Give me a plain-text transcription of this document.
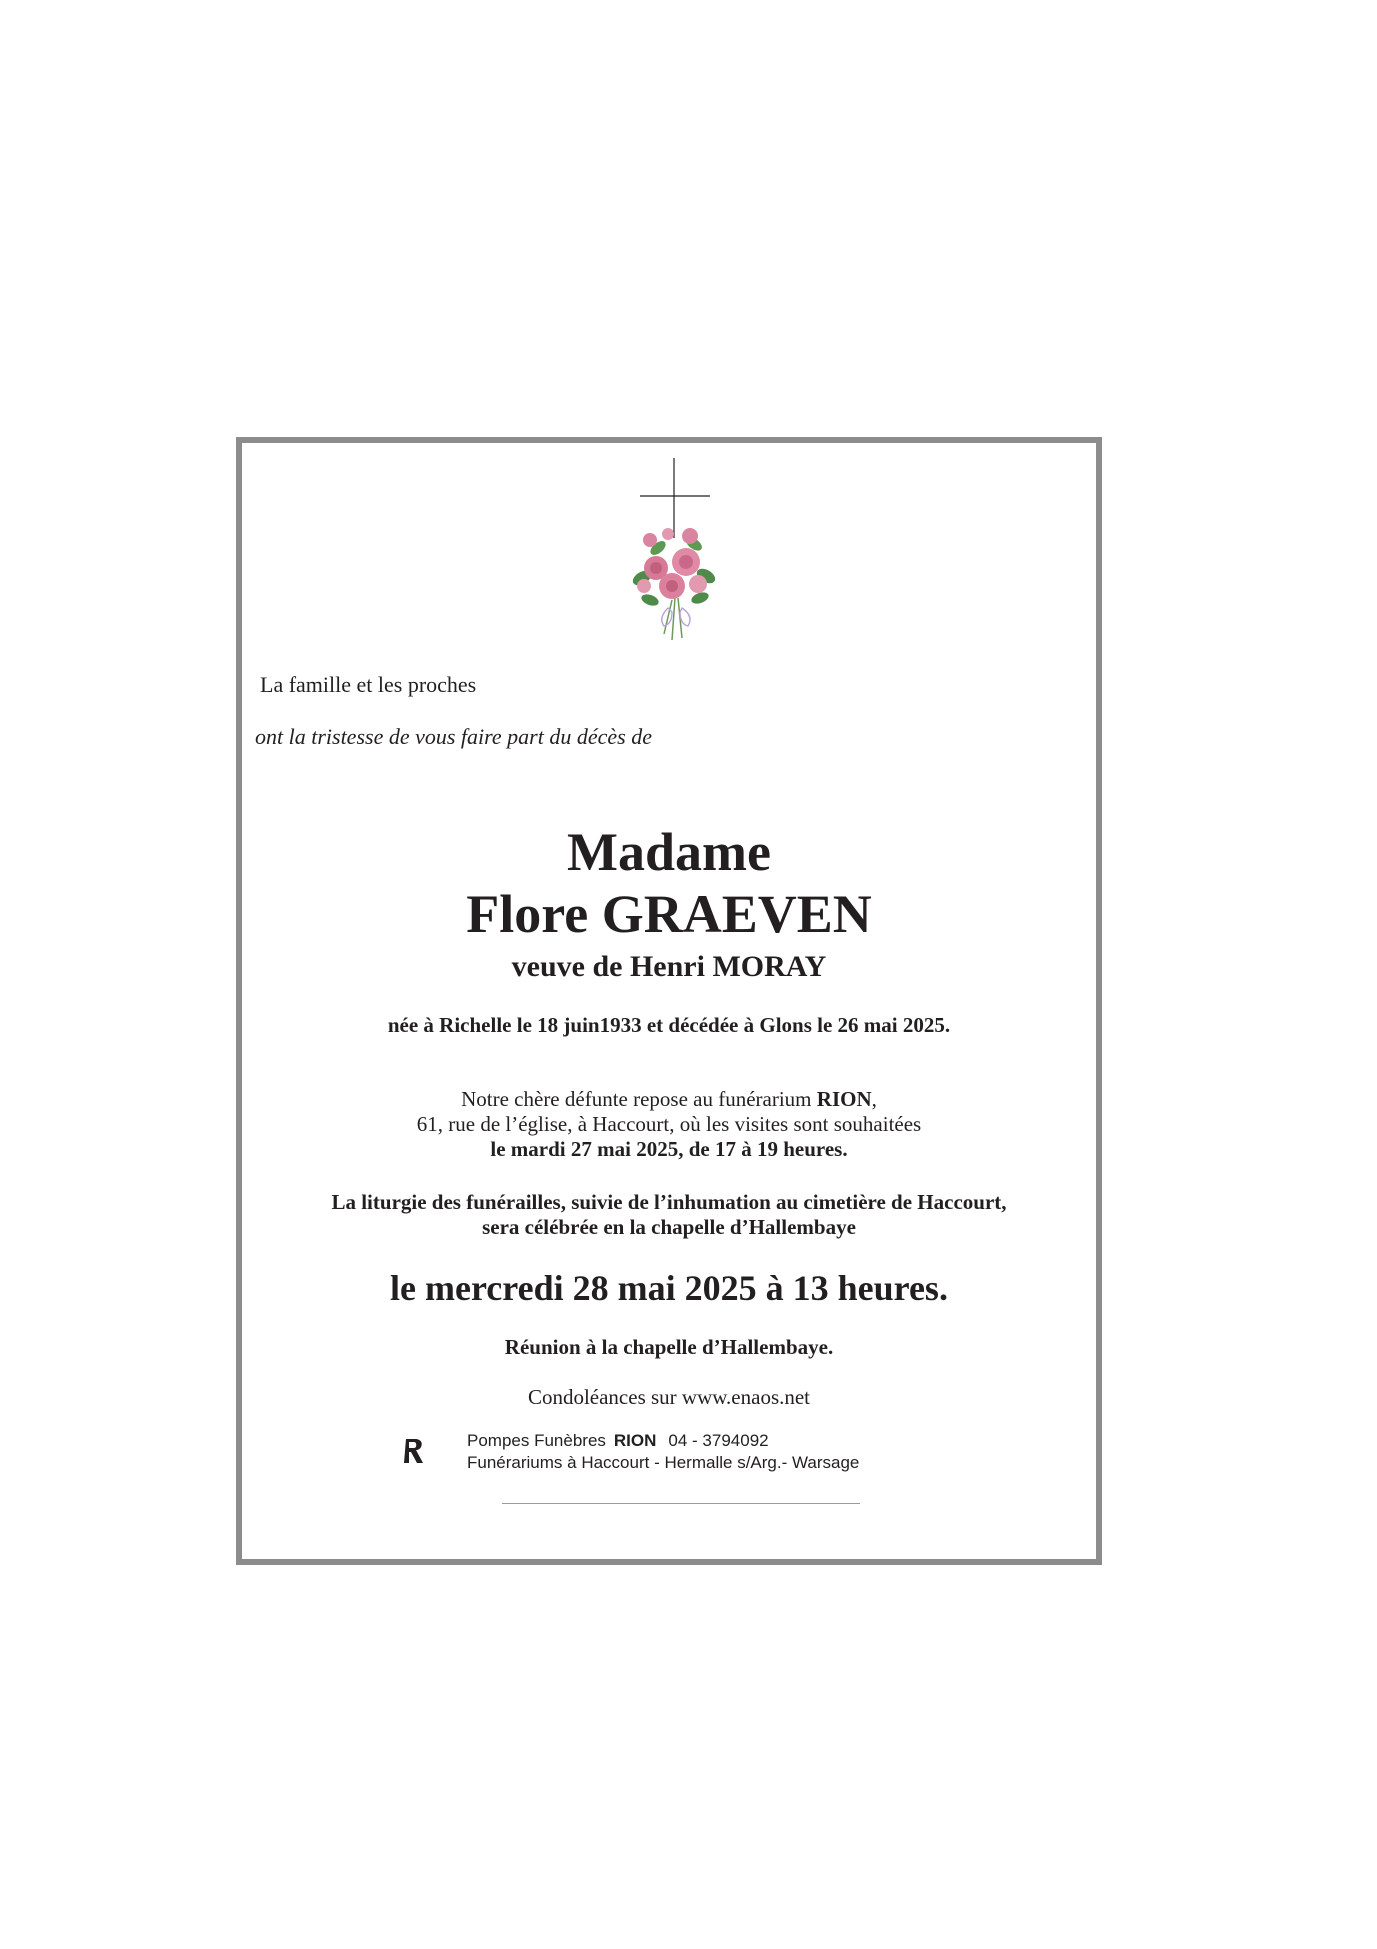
La famille et les proches

ont la tristesse de vous faire part du décès de

Madame

Flore GRAEVEN

veuve de Henri MORAY

née à Richelle le 18 juin1933 et décédée à Glons le 26 mai 2025.

Notre chère défunte repose au funérarium RION,
61, rue de l’église, à Haccourt, où les visites sont souhaitées
le mardi 27 mai 2025, de 17 à 19 heures.
La liturgie des funérailles, suivie de l’inhumation au cimetière de Haccourt,
sera célébrée en la chapelle d’Hallembaye

le mercredi 28 mai 2025 à 13 heures.

Réunion à la chapelle d’Hallembaye.

Condoléances sur www.enaos.net

Pompes Funèbres RION 04 - 3794092
Funérariums à Haccourt - Hermalle s/Arg.- Warsage
